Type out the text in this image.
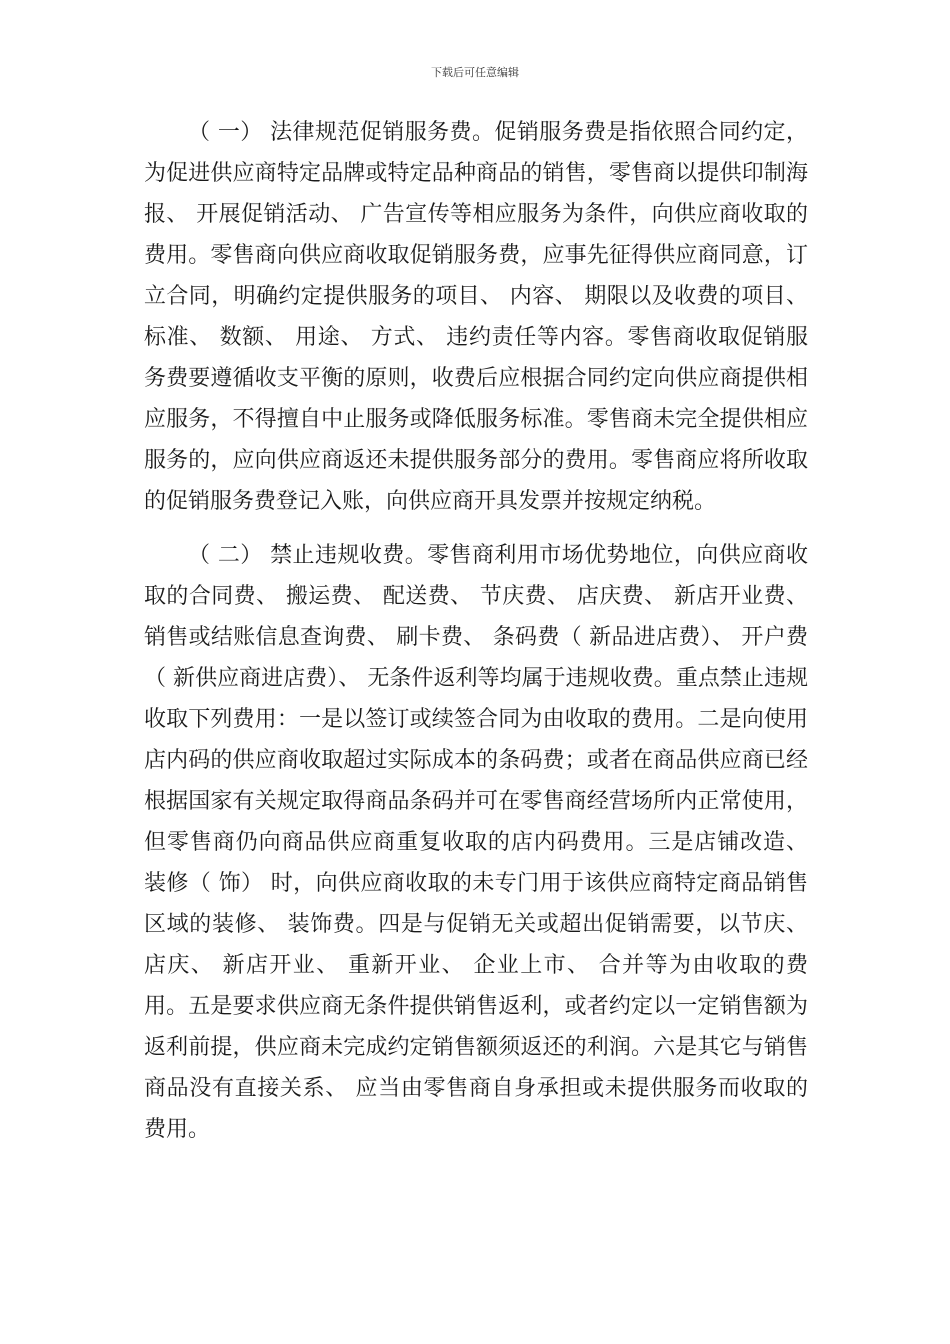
下载后可任意编辑

（ 一） 法律规范促销服务费。促销服务费是指依照合同约定，为促进供应商特定品牌或特定品种商品的销售，零售商以提供印制海报、 开展促销活动、 广告宣传等相应服务为条件，向供应商收取的费用。零售商向供应商收取促销服务费，应事先征得供应商同意，订立合同，明确约定提供服务的项目、 内容、 期限以及收费的项目、 标准、 数额、 用途、 方式、 违约责任等内容。零售商收取促销服务费要遵循收支平衡的原则，收费后应根据合同约定向供应商提供相应服务，不得擅自中止服务或降低服务标准。零售商未完全提供相应服务的，应向供应商返还未提供服务部分的费用。零售商应将所收取的促销服务费登记入账，向供应商开具发票并按规定纳税。

（ 二） 禁止违规收费。零售商利用市场优势地位，向供应商收取的合同费、 搬运费、 配送费、 节庆费、 店庆费、 新店开业费、 销售或结账信息查询费、 刷卡费、 条码费（ 新品进店费）、 开户费（ 新供应商进店费）、 无条件返利等均属于违规收费。重点禁止违规收取下列费用：一是以签订或续签合同为由收取的费用。二是向使用店内码的供应商收取超过实际成本的条码费；或者在商品供应商已经根据国家有关规定取得商品条码并可在零售商经营场所内正常使用，但零售商仍向商品供应商重复收取的店内码费用。三是店铺改造、 装修（ 饰） 时，向供应商收取的未专门用于该供应商特定商品销售区域的装修、 装饰费。四是与促销无关或超出促销需要，以节庆、 店庆、 新店开业、 重新开业、 企业上市、 合并等为由收取的费用。五是要求供应商无条件提供销售返利，或者约定以一定销售额为返利前提，供应商未完成约定销售额须返还的利润。六是其它与销售商品没有直接关系、 应当由零售商自身承担或未提供服务而收取的费用。
